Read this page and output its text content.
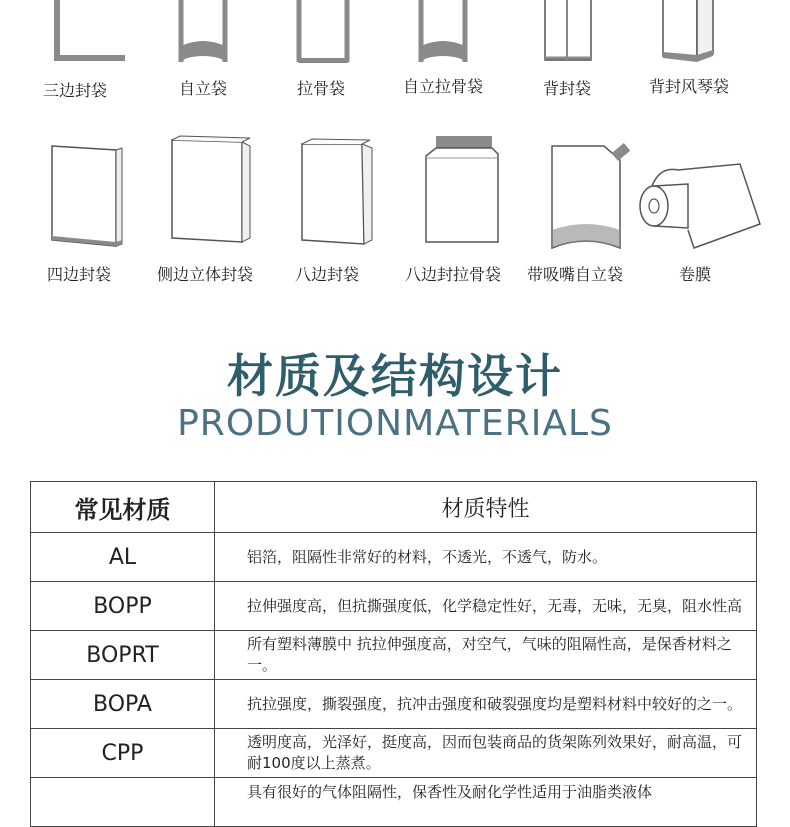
三边封袋	自立袋	拉骨袋	自立拉骨袋	背封袋	背封风琴袋
四边封袋	侧边立体封袋	八边封袋	八边封拉骨袋	带吸嘴自立袋	卷膜
材质及结构设计
PRODUTIONMATERIALS
常见材质	材质特性
AL	铝箔，阻隔性非常好的材料，不透光，不透气，防水。
BOPP	拉伸强度高，但抗撕强度低，化学稳定性好，无毒，无味，无臭，阻水性高
BOPRT	所有塑料薄膜中 抗拉伸强度高，对空气，气味的阻隔性高，是保香材料之一。
BOPA	抗拉强度，撕裂强度，抗冲击强度和破裂强度均是塑料材料中较好的之一。
CPP	透明度高，光泽好，挺度高，因而包装商品的货架陈列效果好，耐高温，可耐100度以上蒸煮。
	具有很好的气体阻隔性，保香性及耐化学性适用于油脂类液体
